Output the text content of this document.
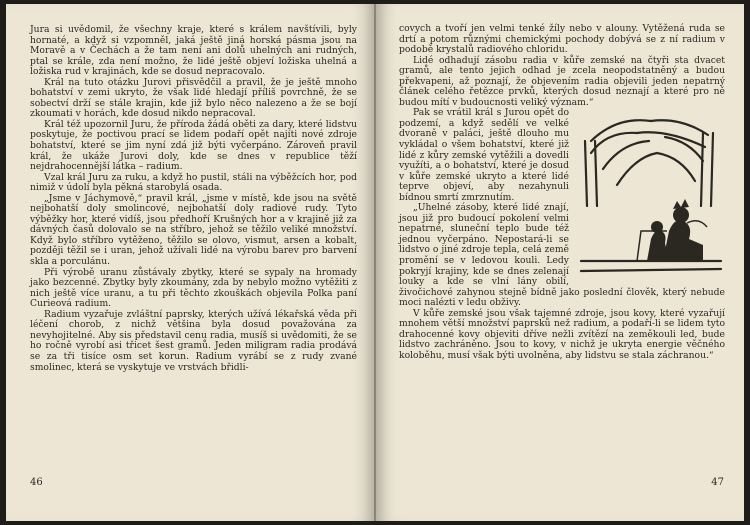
Jura si uvědomil, že všechny kraje, které s králem navštívili, byly hornaté, a když si vzpomněl, jaká ještě jiná horská pásma jsou na Moravě a v Čechách a že tam není ani dolů uhelných ani rudných, ptal se krále, zda není možno, že lidé ještě objeví ložiska uhelná a ložiska rud v krajinách, kde se dosud nepracovalo.

Král na tuto otázku Jurovi přisvědčil a pravil, že je ještě mnoho bohatství v zemi ukryto, že však lidé hledají příliš povrchně, že se sobectví drží se stále krajin, kde již bylo něco nalezeno a že se bojí zkoumati v horách, kde dosud nikdo nepracoval.

Král též upozornil Juru, že příroda žádá oběti za dary, které lidstvu poskytuje, že poctivou prací se lidem podaří opět najíti nové zdroje bohatství, které se jim nyní zdá již býti vyčerpáno. Zároveň pravil král, že ukáže Jurovi doly, kde se dnes v republice těží nejdrahocennější látka – radium.

Vzal král Juru za ruku, a když ho pustil, stáli na výběžcích hor, pod nimiž v údolí byla pěkná starobylá osada.

„Jsme v Jáchymově,“ pravil král, „jsme v místě, kde jsou na světě nejbohatší doly smolincové, nejbohatší doly radiové rudy. Tyto výběžky hor, které vidíš, jsou předhoří Krušných hor a v krajině již za dávných časů dolovalo se na stříbro, jehož se těžilo veliké množství. Když bylo stříbro vytěženo, těžilo se olovo, vismut, arsen a kobalt, později těžil se i uran, jehož užívali lidé na výrobu barev pro barvení skla a porculánu.

Při výrobě uranu zůstávaly zbytky, které se sypaly na hromady jako bezcenné. Zbytky byly zkoumány, zda by nebylo možno vytěžiti z nich ještě více uranu, a tu při těchto zkouškách objevila Polka paní Curieová radium.

Radium vyzařuje zvláštní paprsky, kterých užívá lékařská věda při léčení chorob, z nichž většina byla dosud považována za nevyhojitelné. Aby sis představil cenu radia, musíš si uvědomiti, že se ho ročně vyrobí asi třicet šest gramů. Jeden miligram radia prodává se za tři tisíce osm set korun. Radium vyrábí se z rudy zvané smolinec, která se vyskytuje ve vrstvách břidli-

46

covych a tvoří jen velmi tenké žíly nebo v alouny. Vytěžená ruda se drtí a potom různými chemickými pochody dobývá se z ní radium v podobě krystalů radiového chloridu.

Lidé odhadují zásobu radia v kůře zemské na čtyři sta dvacet gramů, ale tento jejich odhad je zcela neopodstatněný a budou překvapeni, až poznají, že objevením radia objevili jeden nepatrný článek celého řetězce prvků, kterých dosud neznají a které pro ně budou mítí v budoucnosti veliký význam.“

Pak se vrátil král s Jurou opět do podzemí, a když sedělí ve velké dvoraně v paláci, ještě dlouho mu vykládal o všem bohatství, které již lidé z kůry zemské vytěžili a dovedli využíti, a o bohatství, které je dosud v kůře zemské ukryto a které lidé teprve objeví, aby nezahynuli bídnou smrtí zmrznutím.

„Uhelné zásoby, které lidé znají, jsou již pro budoucí pokolení velmi nepatrné, sluneční teplo bude též jednou vyčerpáno. Nepostará-li se lidstvo o jiné zdroje tepla, celá země promění se v ledovou kouli. Ledy pokryjí krajiny, kde se dnes zelenají louky a kde se vlní lány obilí, živočichové zahynou stejně bídně jako poslední člověk, který nebude moci nalézti v ledu obživy.

V kůře zemské jsou však tajemné zdroje, jsou kovy, které vyzařují mnohem větší množství paprsků než radium, a podaří-li se lidem tyto drahocenné kovy objeviti dříve nežli zvítězí na zeměkouli led, bude lidstvo zachráněno. Jsou to kovy, v nichž je ukryta energie věčného koloběhu, musí však býti uvolněna, aby lidstvu se stala záchranou.“

47
